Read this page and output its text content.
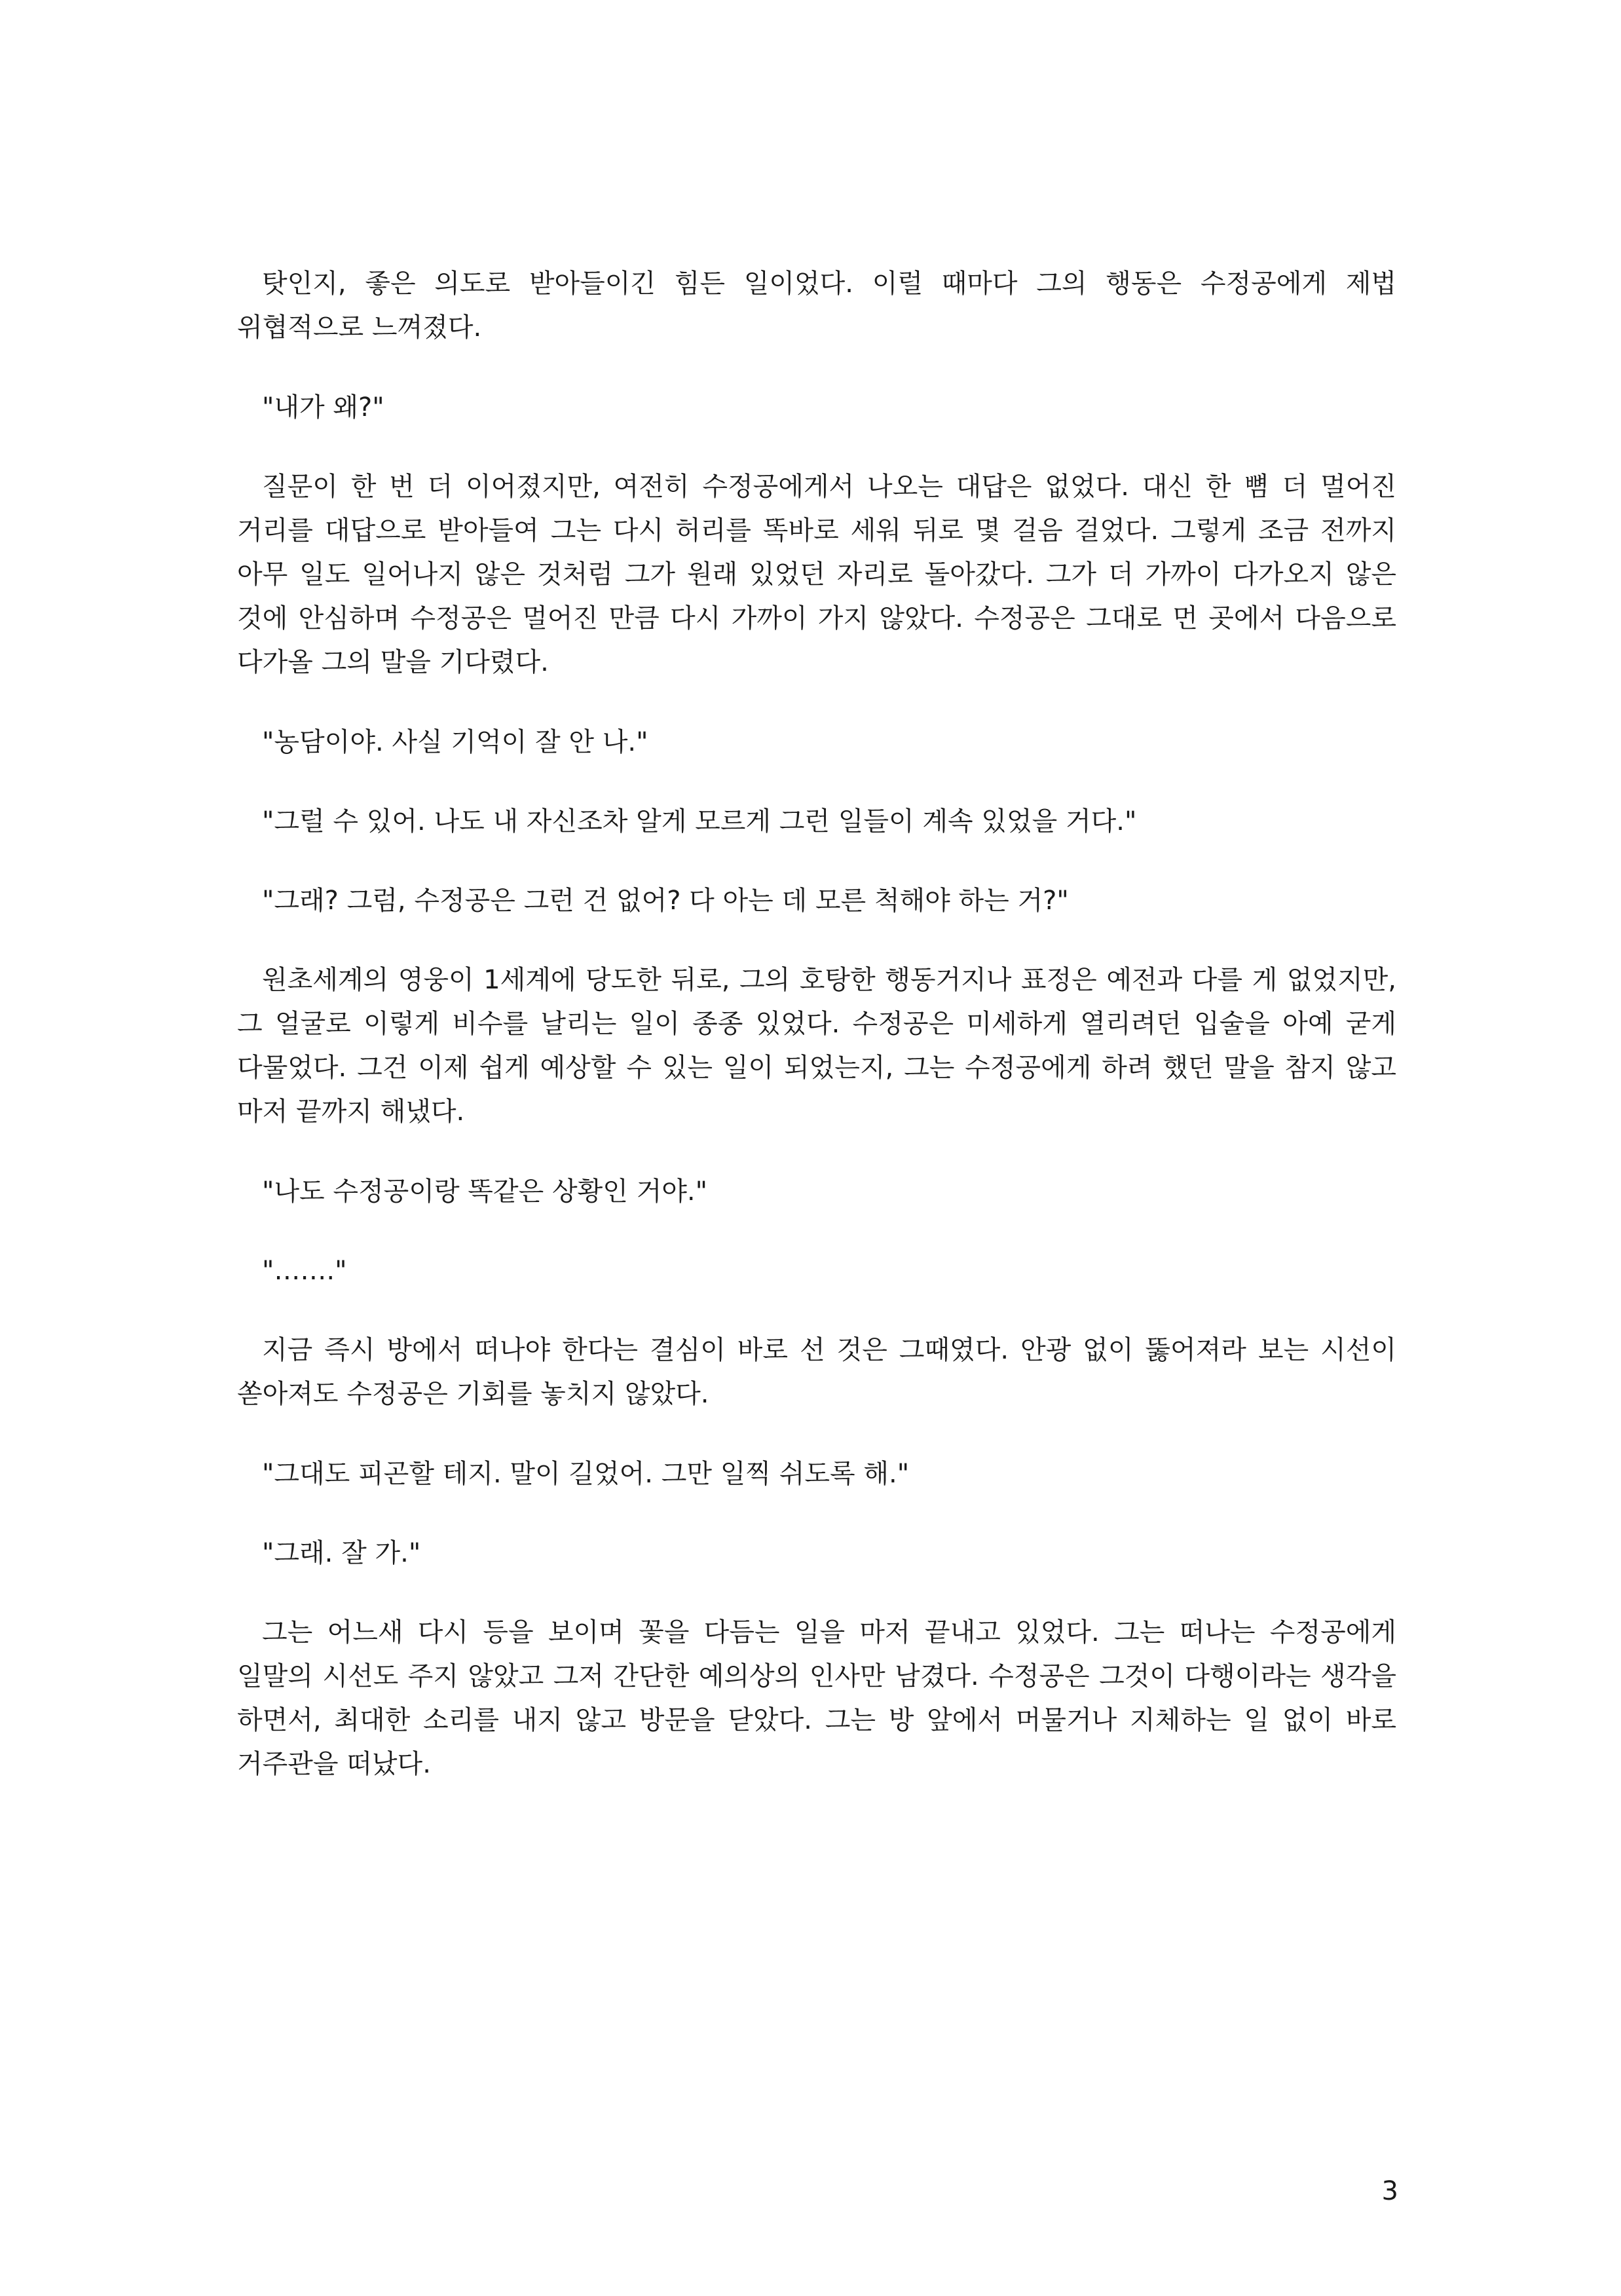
탓인지, 좋은 의도로 받아들이긴 힘든 일이었다. 이럴 때마다 그의 행동은 수정공에게 제법 위협적으로 느껴졌다.

"내가 왜?"

질문이 한 번 더 이어졌지만, 여전히 수정공에게서 나오는 대답은 없었다. 대신 한 뼘 더 멀어진 거리를 대답으로 받아들여 그는 다시 허리를 똑바로 세워 뒤로 몇 걸음 걸었다. 그렇게 조금 전까지 아무 일도 일어나지 않은 것처럼 그가 원래 있었던 자리로 돌아갔다. 그가 더 가까이 다가오지 않은 것에 안심하며 수정공은 멀어진 만큼 다시 가까이 가지 않았다. 수정공은 그대로 먼 곳에서 다음으로 다가올 그의 말을 기다렸다.

"농담이야. 사실 기억이 잘 안 나."

"그럴 수 있어. 나도 내 자신조차 알게 모르게 그런 일들이 계속 있었을 거다."

"그래? 그럼, 수정공은 그런 건 없어? 다 아는 데 모른 척해야 하는 거?"

원초세계의 영웅이 1세계에 당도한 뒤로, 그의 호탕한 행동거지나 표정은 예전과 다를 게 없었지만, 그 얼굴로 이렇게 비수를 날리는 일이 종종 있었다. 수정공은 미세하게 열리려던 입술을 아예 굳게 다물었다. 그건 이제 쉽게 예상할 수 있는 일이 되었는지, 그는 수정공에게 하려 했던 말을 참지 않고 마저 끝까지 해냈다.

"나도 수정공이랑 똑같은 상황인 거야."

"……."

지금 즉시 방에서 떠나야 한다는 결심이 바로 선 것은 그때였다. 안광 없이 뚫어져라 보는 시선이 쏟아져도 수정공은 기회를 놓치지 않았다.

"그대도 피곤할 테지. 말이 길었어. 그만 일찍 쉬도록 해."

"그래. 잘 가."

그는 어느새 다시 등을 보이며 꽃을 다듬는 일을 마저 끝내고 있었다. 그는 떠나는 수정공에게 일말의 시선도 주지 않았고 그저 간단한 예의상의 인사만 남겼다. 수정공은 그것이 다행이라는 생각을 하면서, 최대한 소리를 내지 않고 방문을 닫았다. 그는 방 앞에서 머물거나 지체하는 일 없이 바로 거주관을 떠났다.

3
